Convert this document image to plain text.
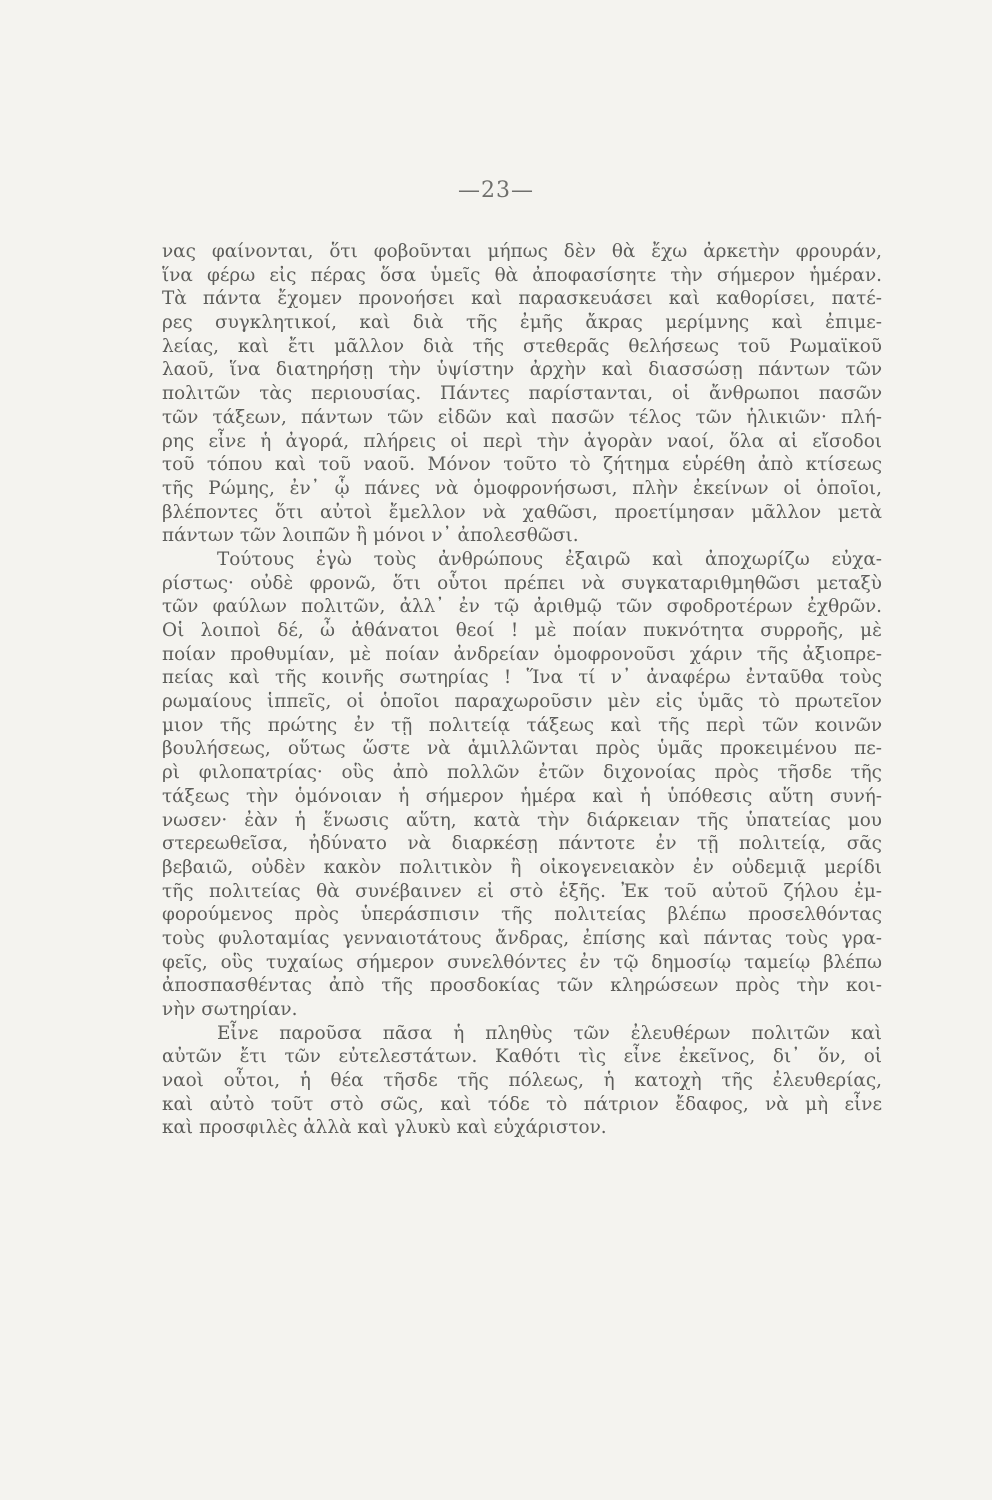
—23—
νας φαίνονται, ὅτι φοβοῦνται μήπως δὲν θὰ ἔχω ἀρκετὴν φρουράν,
ἵνα φέρω εἰς πέρας ὅσα ὑμεῖς θὰ ἀποφασίσητε τὴν σήμερον ἡμέραν.
Τὰ πάντα ἔχομεν προνοήσει καὶ παρασκευάσει καὶ καθορίσει, πατέ-
ρες συγκλητικοί, καὶ διὰ τῆς ἐμῆς ἄκρας μερίμνης καὶ ἐπιμε-
λείας, καὶ ἔτι μᾶλλον διὰ τῆς στεθερᾶς θελήσεως τοῦ Ρωμαϊκοῦ
λαοῦ, ἵνα διατηρήσῃ τὴν ὑψίστην ἀρχὴν καὶ διασσώσῃ πάντων τῶν
πολιτῶν τὰς περιουσίας. Πάντες παρίστανται, οἱ ἄνθρωποι πασῶν
τῶν τάξεων, πάντων τῶν εἰδῶν καὶ πασῶν τέλος τῶν ἡλικιῶν· πλή-
ρης εἶνε ἡ ἀγορά, πλήρεις οἱ περὶ τὴν ἀγορὰν ναοί, ὅλα αἱ εἴσοδοι
τοῦ τόπου καὶ τοῦ ναοῦ. Μόνον τοῦτο τὸ ζήτημα εὑρέθη ἀπὸ κτίσεως
τῆς Ρώμης, ἐν᾿ ᾧ πάνες νὰ ὁμοφρονήσωσι, πλὴν ἐκείνων οἱ ὁποῖοι,
βλέποντες ὅτι αὐτοὶ ἔμελλον νὰ χαθῶσι, προετίμησαν μᾶλλον μετὰ
πάντων τῶν λοιπῶν ἢ μόνοι ν᾿ ἀπολεσθῶσι.
Τούτους ἐγὼ τοὺς ἀνθρώπους ἐξαιρῶ καὶ ἀποχωρίζω εὐχα-
ρίστως· οὐδὲ φρονῶ, ὅτι οὗτοι πρέπει νὰ συγκαταριθμηθῶσι μεταξὺ
τῶν φαύλων πολιτῶν, ἀλλ᾿ ἐν τῷ ἀριθμῷ τῶν σφοδροτέρων ἐχθρῶν.
Οἱ λοιποὶ δέ, ὦ ἀθάνατοι θεοί ! μὲ ποίαν πυκνότητα συρροῆς, μὲ
ποίαν προθυμίαν, μὲ ποίαν ἀνδρείαν ὁμοφρονοῦσι χάριν τῆς ἀξιοπρε-
πείας καὶ τῆς κοινῆς σωτηρίας ! Ἵνα τί ν᾿ ἀναφέρω ἐνταῦθα τοὺς
ρωμαίους ἱππεῖς, οἱ ὁποῖοι παραχωροῦσιν μὲν εἰς ὑμᾶς τὸ πρωτεῖον
μιον τῆς πρώτης ἐν τῇ πολιτείᾳ τάξεως καὶ τῆς περὶ τῶν κοινῶν
βουλήσεως, οὕτως ὥστε νὰ ἁμιλλῶνται πρὸς ὑμᾶς προκειμένου πε-
ρὶ φιλοπατρίας· οὓς ἀπὸ πολλῶν ἐτῶν διχονοίας πρὸς τῆσδε τῆς
τάξεως τὴν ὁμόνοιαν ἡ σήμερον ἡμέρα καὶ ἡ ὑπόθεσις αὕτη συνή-
νωσεν· ἐὰν ἡ ἕνωσις αὕτη, κατὰ τὴν διάρκειαν τῆς ὑπατείας μου
στερεωθεῖσα, ἠδύνατο νὰ διαρκέσῃ πάντοτε ἐν τῇ πολιτείᾳ, σᾶς
βεβαιῶ, οὐδὲν κακὸν πολιτικὸν ἢ οἰκογενειακὸν ἐν οὐδεμιᾷ μερίδι
τῆς πολιτείας θὰ συνέβαινεν εἰ στὸ ἑξῆς. Ἐκ τοῦ αὐτοῦ ζήλου ἐμ-
φορούμενος πρὸς ὑπεράσπισιν τῆς πολιτείας βλέπω προσελθόντας
τοὺς φυλοταμίας γενναιοτάτους ἄνδρας, ἐπίσης καὶ πάντας τοὺς γρα-
φεῖς, οὓς τυχαίως σήμερον συνελθόντες ἐν τῷ δημοσίῳ ταμείῳ βλέπω
ἀποσπασθέντας ἀπὸ τῆς προσδοκίας τῶν κληρώσεων πρὸς τὴν κοι-
νὴν σωτηρίαν.
Εἶνε παροῦσα πᾶσα ἡ πληθὺς τῶν ἐλευθέρων πολιτῶν καὶ
αὐτῶν ἔτι τῶν εὐτελεστάτων. Καθότι τὶς εἶνε ἐκεῖνος, δι᾿ ὅν, οἱ
ναοὶ οὗτοι, ἡ θέα τῆσδε τῆς πόλεως, ἡ κατοχὴ τῆς ἐλευθερίας,
καὶ αὐτὸ τοῦτ στὸ σῶς, καὶ τόδε τὸ πάτριον ἔδαφος, νὰ μὴ εἶνε
καὶ προσφιλὲς ἀλλὰ καὶ γλυκὺ καὶ εὐχάριστον.
